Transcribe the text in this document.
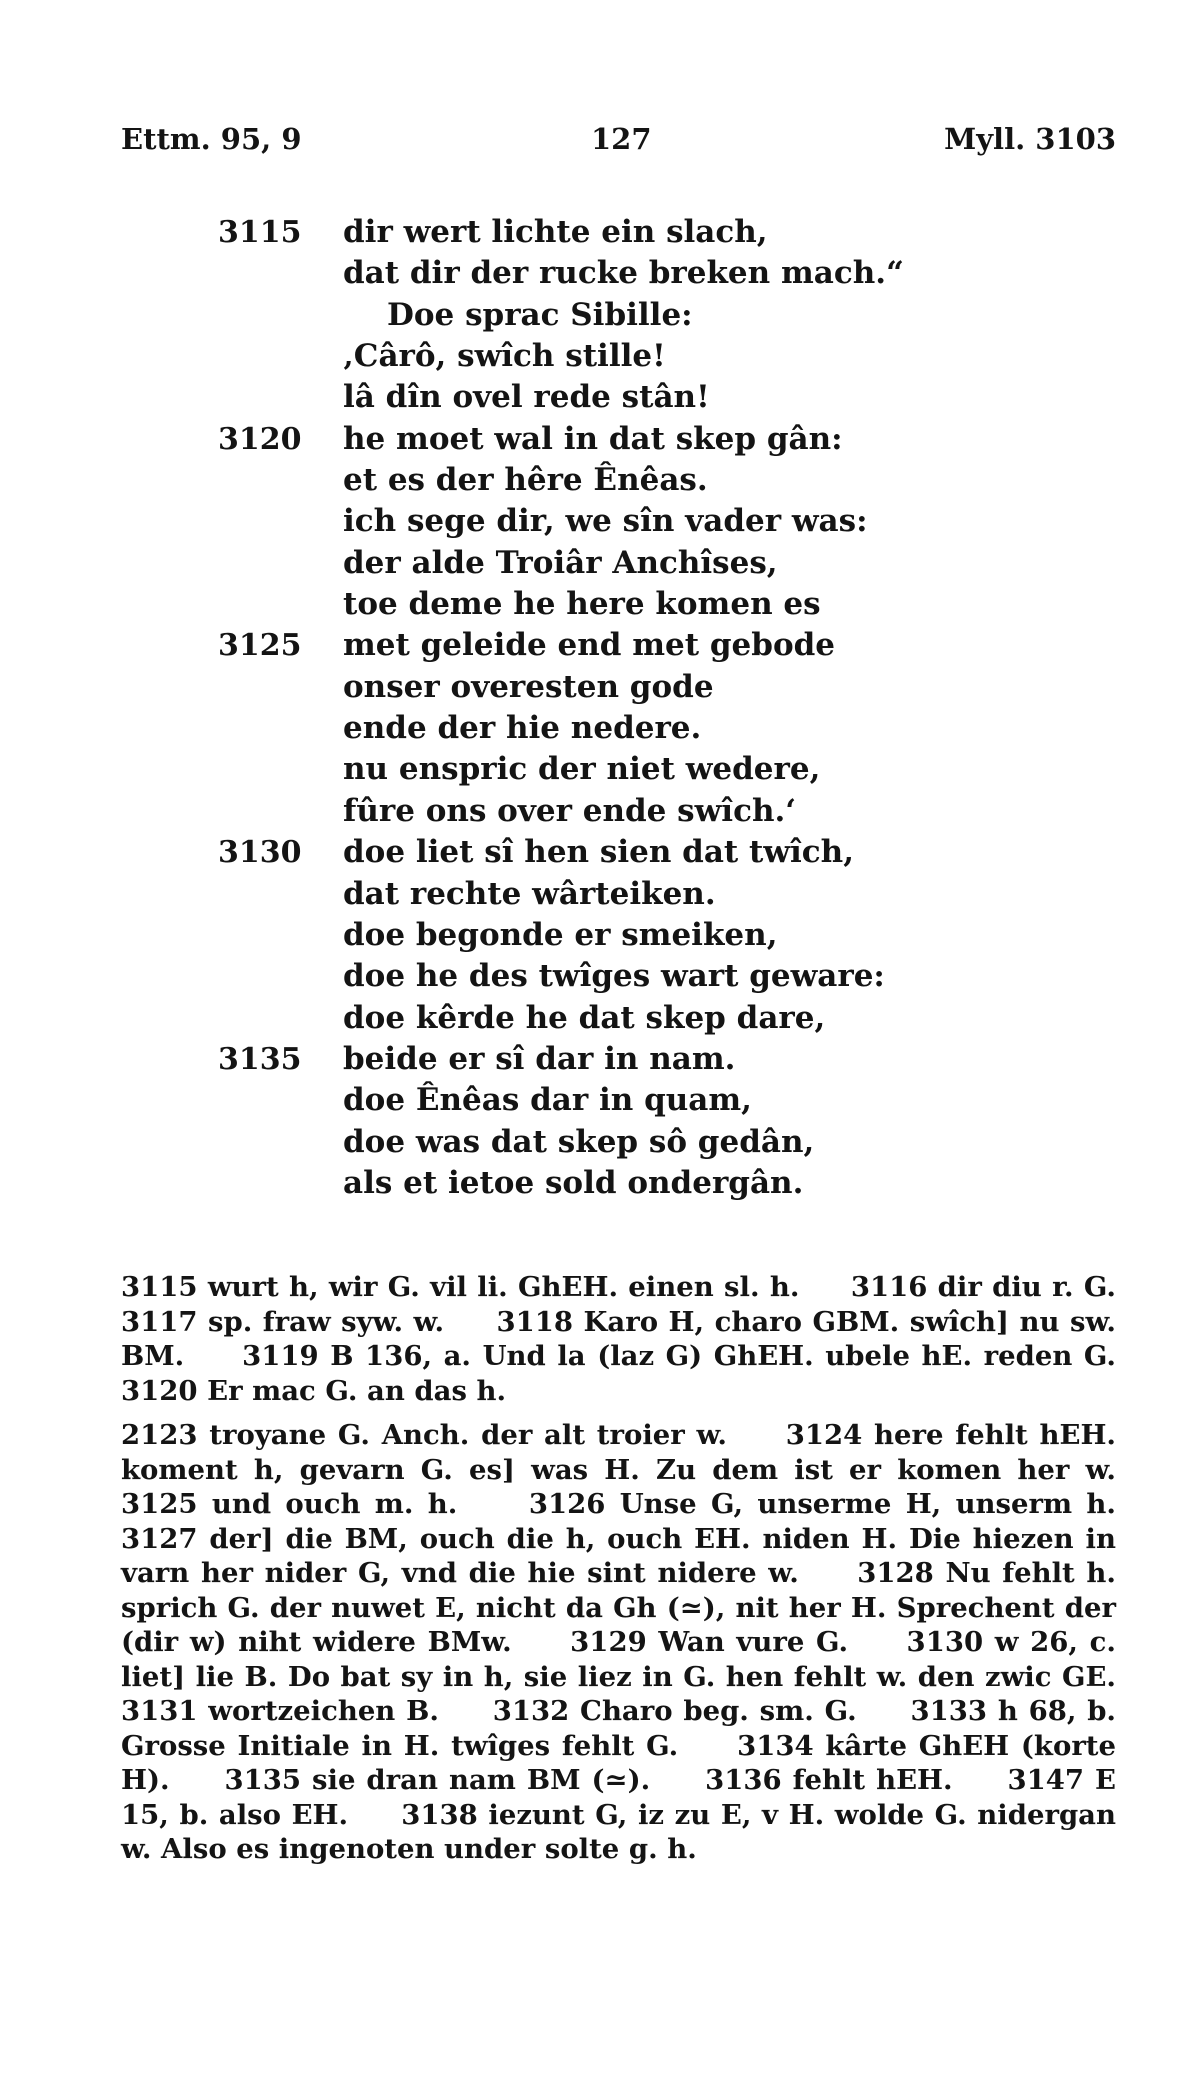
Ettm. 95, 9	127	Myll. 3103
3115 dir wert lichte ein slach,
dat dir der rucke breken mach.“
Doe sprac Sibille:
‚Cârô, swîch stille!
lâ dîn ovel rede stân!
3120 he moet wal in dat skep gân:
et es der hêre Ênêas.
ich sege dir, we sîn vader was:
der alde Troiâr Anchîses,
toe deme he here komen es
3125 met geleide end met gebode
onser overesten gode
ende der hie nedere.
nu enspric der niet wedere,
fûre ons over ende swîch.‘
3130 doe liet sî hen sien dat twîch,
dat rechte wârteiken.
doe begonde er smeiken,
doe he des twîges wart geware:
doe kêrde he dat skep dare,
3135 beide er sî dar in nam.
doe Ênêas dar in quam,
doe was dat skep sô gedân,
als et ietoe sold ondergân.
3115 wurt h, wir G. vil li. GhEH. einen sl. h.     3116 dir diu r. G.     3117 sp. fraw syw. w.     3118 Karo H, charo GBM. swîch] nu sw. BM.     3119 B 136, a. Und la (laz G) GhEH. ubele hE. reden G.     3120 Er mac G. an das h.
2123 troyane G. Anch. der alt troier w.     3124 here fehlt hEH. koment h, gevarn G. es] was H. Zu dem ist er komen her w.     3125 und ouch m. h.     3126 Unse G, unserme H, unserm h.     3127 der] die BM, ouch die h, ouch EH. niden H. Die hiezen in varn her nider G, vnd die hie sint nidere w.     3128 Nu fehlt h. sprich G. der nuwet E, nicht da Gh (≃), nit her H. Sprechent der (dir w) niht widere BMw.     3129 Wan vure G.     3130 w 26, c. liet] lie B. Do bat sy in h, sie liez in G. hen fehlt w. den zwic GE.     3131 wortzeichen B.     3132 Charo beg. sm. G.     3133 h 68, b. Grosse Initiale in H. twîges fehlt G.     3134 kârte GhEH (korte H).     3135 sie dran nam BM (≃).     3136 fehlt hEH.     3147 E 15, b. also EH.     3138 iezunt G, iz zu E, v H. wolde G. nidergan w. Also es ingenoten under solte g. h.
